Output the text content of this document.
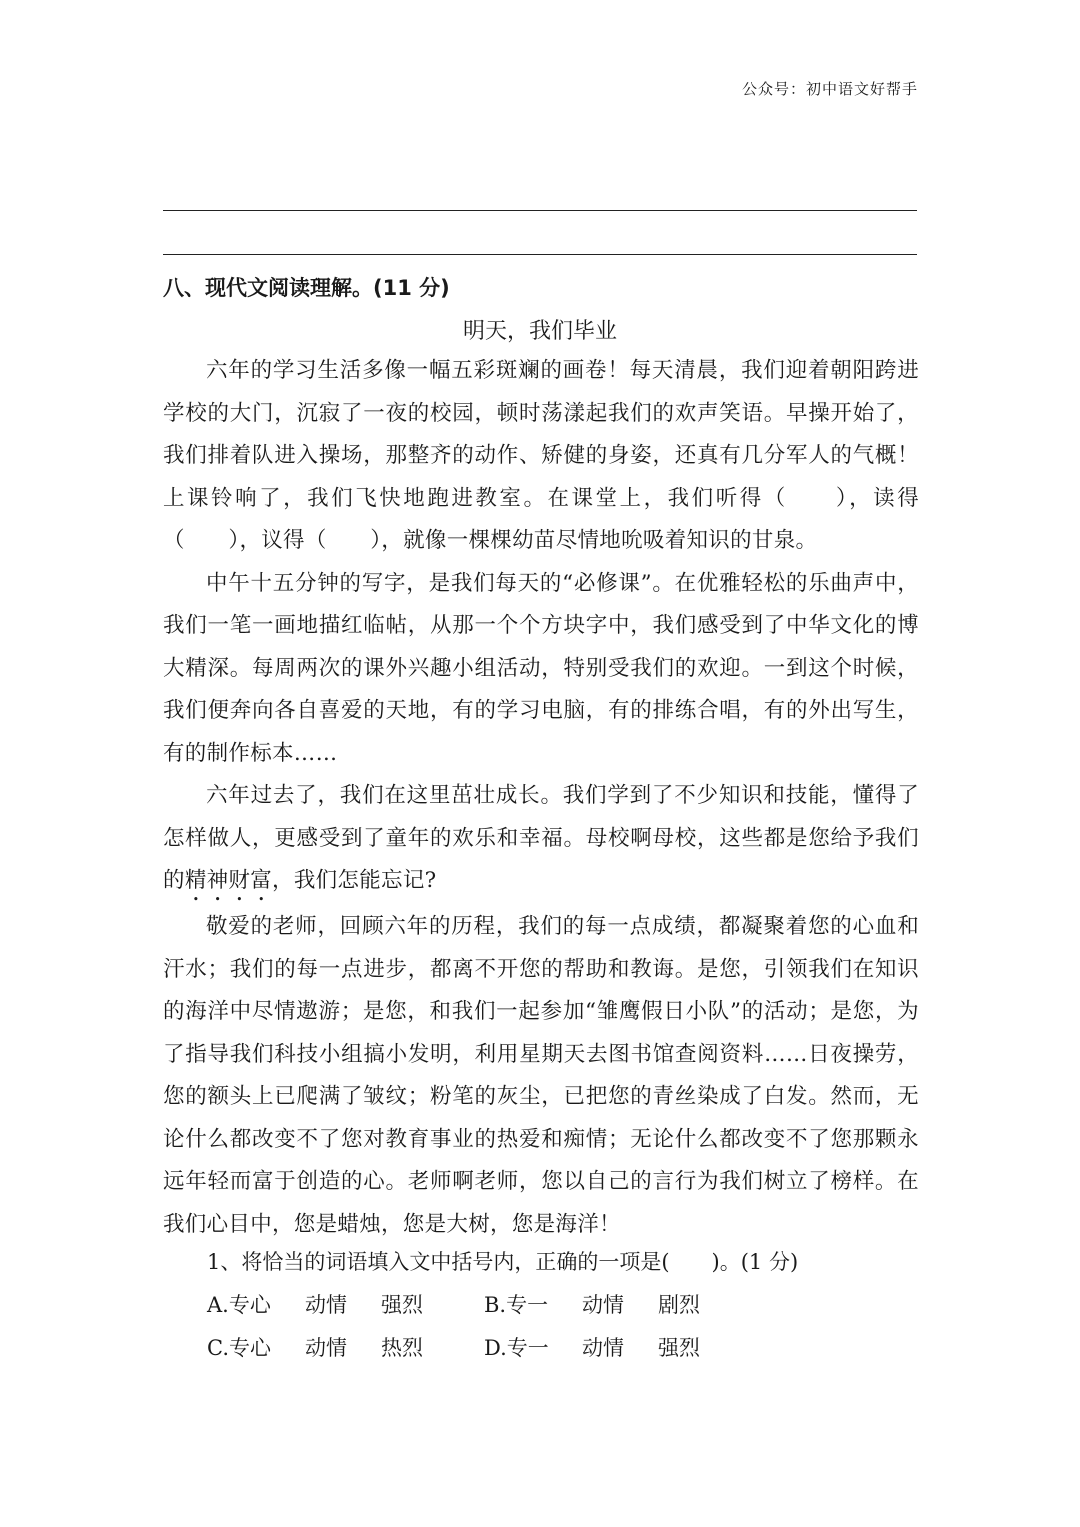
公众号：初中语文好帮手
八、现代文阅读理解。(11 分)
明天，我们毕业

六年的学习生活多像一幅五彩斑斓的画卷！每天清晨，我们迎着朝阳跨进学校的大门，沉寂了一夜的校园，顿时荡漾起我们的欢声笑语。早操开始了，我们排着队进入操场，那整齐的动作、矫健的身姿，还真有几分军人的气概！上课铃响了，我们飞快地跑进教室。在课堂上，我们听得（　　），读得（　　），议得（　　），就像一棵棵幼苗尽情地吮吸着知识的甘泉。

中午十五分钟的写字，是我们每天的“必修课”。在优雅轻松的乐曲声中，我们一笔一画地描红临帖，从那一个个方块字中，我们感受到了中华文化的博大精深。每周两次的课外兴趣小组活动，特别受我们的欢迎。一到这个时候，我们便奔向各自喜爱的天地，有的学习电脑，有的排练合唱，有的外出写生，有的制作标本……

六年过去了，我们在这里茁壮成长。我们学到了不少知识和技能，懂得了怎样做人，更感受到了童年的欢乐和幸福。母校啊母校，这些都是您给予我们的精神财富，我们怎能忘记?

敬爱的老师，回顾六年的历程，我们的每一点成绩，都凝聚着您的心血和汗水；我们的每一点进步，都离不开您的帮助和教诲。是您，引领我们在知识的海洋中尽情遨游；是您，和我们一起参加“雏鹰假日小队”的活动；是您，为了指导我们科技小组搞小发明，利用星期天去图书馆查阅资料……日夜操劳，您的额头上已爬满了皱纹；粉笔的灰尘，已把您的青丝染成了白发。然而，无论什么都改变不了您对教育事业的热爱和痴情；无论什么都改变不了您那颗永远年轻而富于创造的心。老师啊老师，您以自己的言行为我们树立了榜样。在我们心目中，您是蜡烛，您是大树，您是海洋！

1、将恰当的词语填入文中括号内，正确的一项是(　　)。(1 分)
A.专心	动情	强烈	B.专一	动情	剧烈
C.专心	动情	热烈	D.专一	动情	强烈
